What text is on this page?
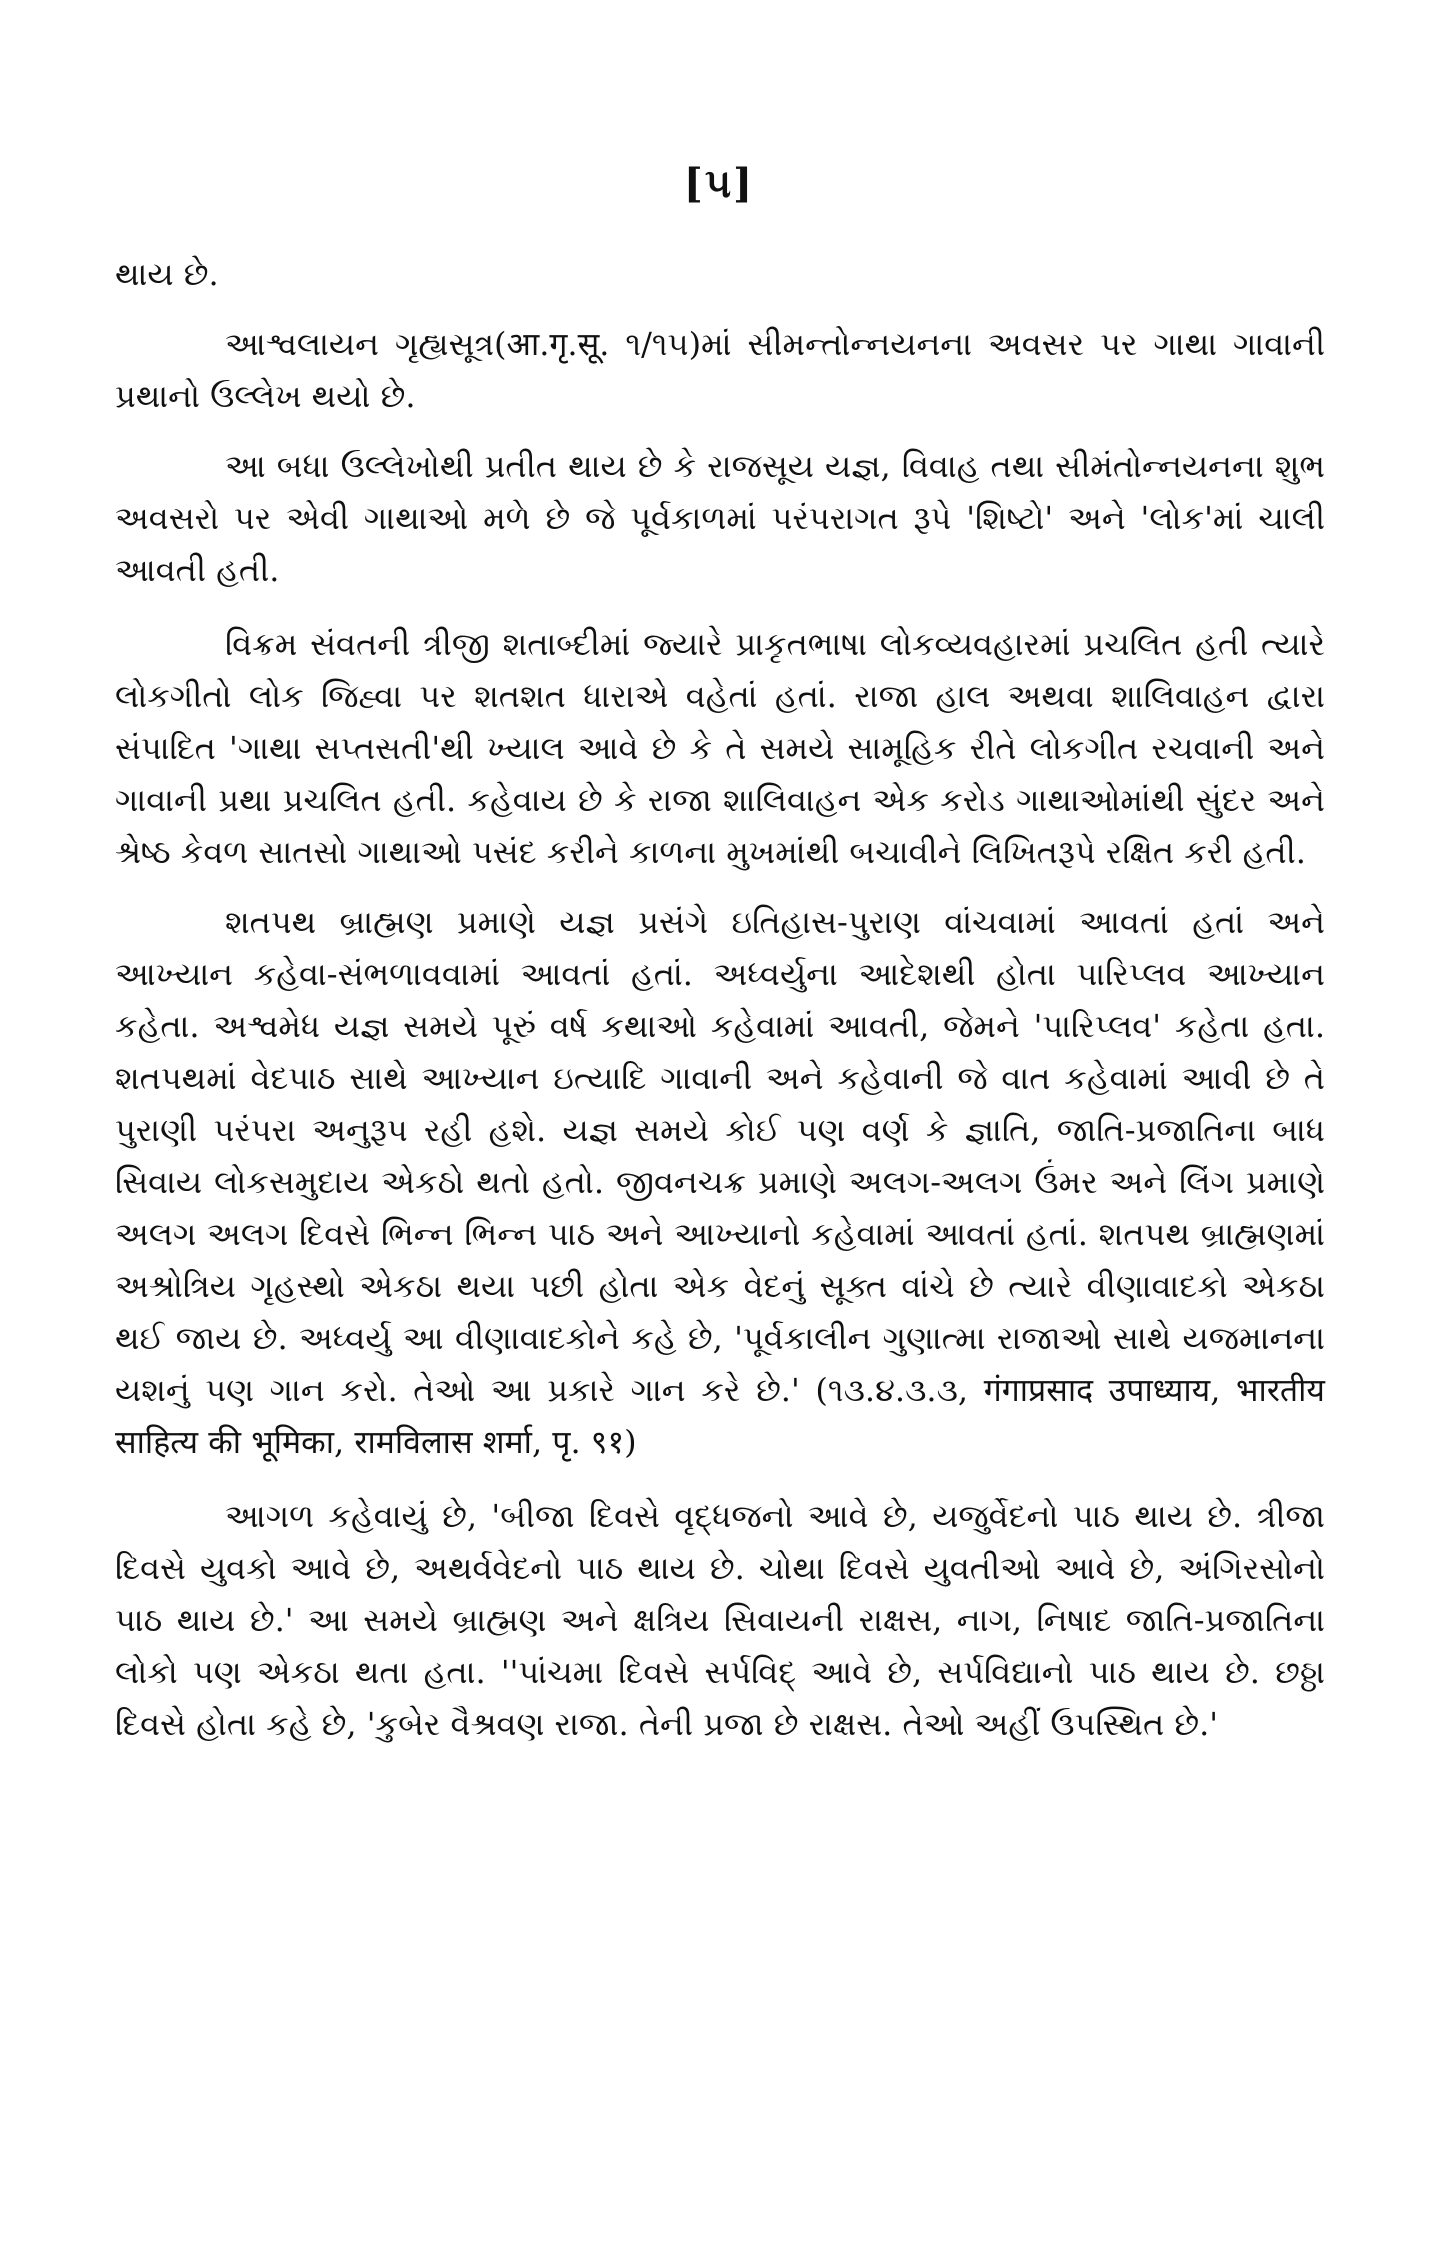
[૫]

થાય છે.

આશ્વલાયન ગૃહ્યસૂત્ર(आ.गृ.सू. ૧/૧૫)માં સીમન્તોન્નયનના અવસર પર ગાથા ગાવાની પ્રથાનો ઉલ્લેખ થયો છે.

આ બધા ઉલ્લેખોથી પ્રતીત થાય છે કે રાજસૂય યજ્ઞ, વિવાહ તથા સીમંતોન્નયનના શુભ અવસરો પર એવી ગાથાઓ મળે છે જે પૂર્વકાળમાં પરંપરાગત રૂપે 'શિષ્ટો' અને 'લોક'માં ચાલી આવતી હતી.

વિક્રમ સંવતની ત્રીજી શતાબ્દીમાં જ્યારે પ્રાકૃતભાષા લોકવ્યવહારમાં પ્રચલિત હતી ત્યારે લોકગીતો લોક જિહ્વા પર શતશત ધારાએ વહેતાં હતાં. રાજા હાલ અથવા શાલિવાહન દ્વારા સંપાદિત 'ગાથા સપ્તસતી'થી ખ્યાલ આવે છે કે તે સમયે સામૂહિક રીતે લોકગીત રચવાની અને ગાવાની પ્રથા પ્રચલિત હતી. કહેવાય છે કે રાજા શાલિવાહન એક કરોડ ગાથાઓમાંથી સુંદર અને શ્રેષ્ઠ કેવળ સાતસો ગાથાઓ પસંદ કરીને કાળના મુખમાંથી બચાવીને લિખિતરૂપે રક્ષિત કરી હતી.

શતપથ બ્રાહ્મણ પ્રમાણે યજ્ઞ પ્રસંગે ઇતિહાસ-પુરાણ વાંચવામાં આવતાં હતાં અને આખ્યાન કહેવા-સંભળાવવામાં આવતાં હતાં. અધ્વર્યુના આદેશથી હોતા પારિપ્લવ આખ્યાન કહેતા. અશ્વમેધ યજ્ઞ સમયે પૂરું વર્ષ કથાઓ કહેવામાં આવતી, જેમને 'પારિપ્લવ' કહેતા હતા. શતપથમાં વેદપાઠ સાથે આખ્યાન ઇત્યાદિ ગાવાની અને કહેવાની જે વાત કહેવામાં આવી છે તે પુરાણી પરંપરા અનુરૂપ રહી હશે. યજ્ઞ સમયે કોઈ પણ વર્ણ કે જ્ઞાતિ, જાતિ-પ્રજાતિના બાધ સિવાય લોકસમુદાય એકઠો થતો હતો. જીવનચક્ર પ્રમાણે અલગ-અલગ ઉંમર અને લિંગ પ્રમાણે અલગ અલગ દિવસે ભિન્ન ભિન્ન પાઠ અને આખ્યાનો કહેવામાં આવતાં હતાં. શતપથ બ્રાહ્મણમાં અશ્રોત્રિય ગૃહસ્થો એકઠા થયા પછી હોતા એક વેદનું સૂક્ત વાંચે છે ત્યારે વીણાવાદકો એકઠા થઈ જાય છે. અધ્વર્યુ આ વીણાવાદકોને કહે છે, 'પૂર્વકાલીન ગુણાત્મા રાજાઓ સાથે યજમાનના યશનું પણ ગાન કરો. તેઓ આ પ્રકારે ગાન કરે છે.' (૧૩.૪.૩.૩, गंगाप्रसाद उपाध्याय, भारतीय साहित्य की भूमिका, रामविलास शर्मा, पृ. ९१)

આગળ કહેવાયું છે, 'બીજા દિવસે વૃદ્ધજનો આવે છે, યજુર્વેદનો પાઠ થાય છે. ત્રીજા દિવસે યુવકો આવે છે, અથર્વવેદનો પાઠ થાય છે. ચોથા દિવસે યુવતીઓ આવે છે, અંગિરસોનો પાઠ થાય છે.' આ સમયે બ્રાહ્મણ અને ક્ષત્રિય સિવાયની રાક્ષસ, નાગ, નિષાદ જાતિ-પ્રજાતિના લોકો પણ એકઠા થતા હતા. ''પાંચમા દિવસે સર્પવિદ્ આવે છે, સર્પવિદ્યાનો પાઠ થાય છે. છઠ્ઠા દિવસે હોતા કહે છે, 'કુબેર વૈશ્રવણ રાજા. તેની પ્રજા છે રાક્ષસ. તેઓ અહીં ઉપસ્થિત છે.'
